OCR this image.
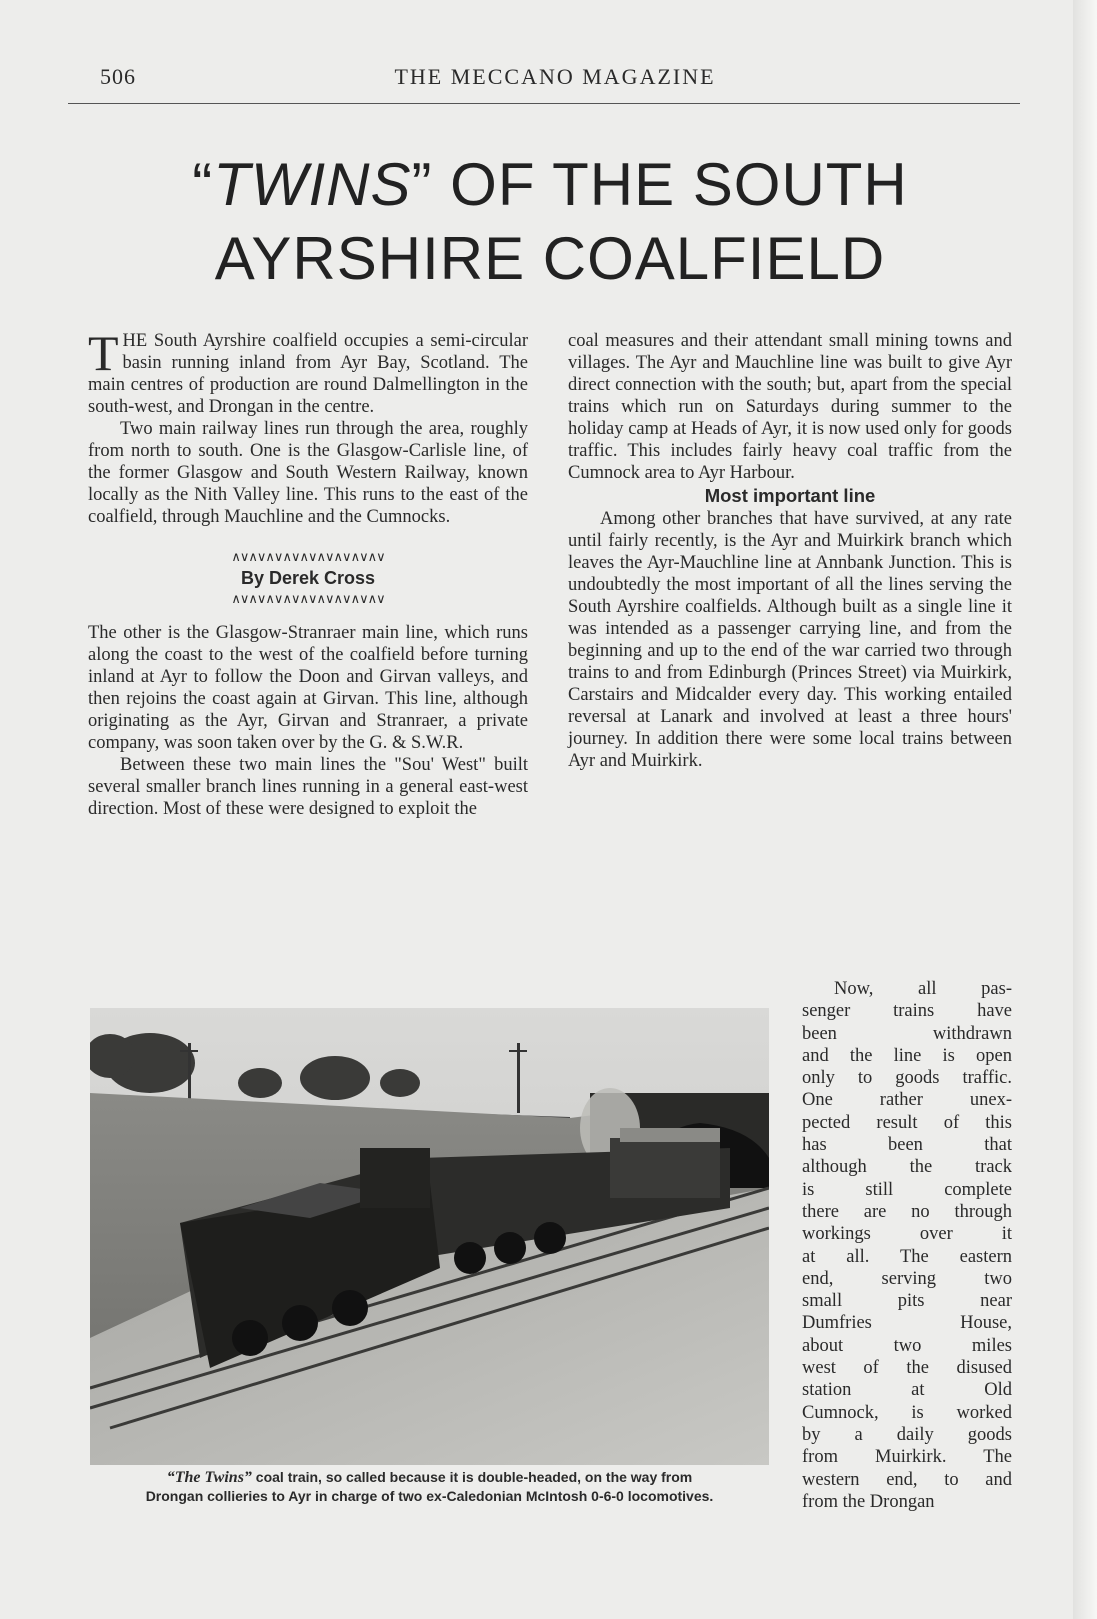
THE MECCANO MAGAZINE
506
“TWINS” OF THE SOUTH
AYRSHIRE COALFIELD

THE South Ayrshire coalfield occupies a semi-circular basin running inland from Ayr Bay, Scotland. The main centres of production are round Dalmellington in the south-west, and Drongan in the centre.

Two main railway lines run through the area, roughly from north to south. One is the Glasgow-Carlisle line, of the former Glasgow and South Western Railway, known locally as the Nith Valley line. This runs to the east of the coalfield, through Mauchline and the Cumnocks.

∧∨∧∨∧∨∧∨∧∨∧∨∧∨∧∨∧∨

By Derek Cross

∧∨∧∨∧∨∧∨∧∨∧∨∧∨∧∨∧∨

The other is the Glasgow-Stranraer main line, which runs along the coast to the west of the coalfield before turning inland at Ayr to follow the Doon and Girvan valleys, and then rejoins the coast again at Girvan. This line, although originating as the Ayr, Girvan and Stranraer, a private company, was soon taken over by the G. & S.W.R.

Between these two main lines the "Sou' West" built several smaller branch lines running in a general east-west direction. Most of these were designed to exploit the

coal measures and their attendant small mining towns and villages. The Ayr and Mauchline line was built to give Ayr direct connection with the south; but, apart from the special trains which run on Saturdays during summer to the holiday camp at Heads of Ayr, it is now used only for goods traffic. This includes fairly heavy coal traffic from the Cumnock area to Ayr Harbour.

Most important line

Among other branches that have survived, at any rate until fairly recently, is the Ayr and Muirkirk branch which leaves the Ayr-Mauchline line at Annbank Junction. This is undoubtedly the most important of all the lines serving the South Ayrshire coalfields. Although built as a single line it was intended as a passenger carrying line, and from the beginning and up to the end of the war carried two through trains to and from Edinburgh (Princes Street) via Muirkirk, Carstairs and Midcalder every day. This working entailed reversal at Lanark and involved at least a three hours' journey. In addition there were some local trains between Ayr and Muirkirk.

“The Twins” coal train, so called because it is double-headed, on the way from
Drongan collieries to Ayr in charge of two ex-Caledonian McIntosh 0-6-0 locomotives.
Now, all pas-
senger trains have
been withdrawn
and the line is open
only to goods traffic.
One rather unex-
pected result of this
has been that
although the track
is still complete
there are no through
workings over it
at all. The eastern
end, serving two
small pits near
Dumfries House,
about two miles
west of the disused
station at Old
Cumnock, is worked
by a daily goods
from Muirkirk. The
western end, to and
from the Drongan
